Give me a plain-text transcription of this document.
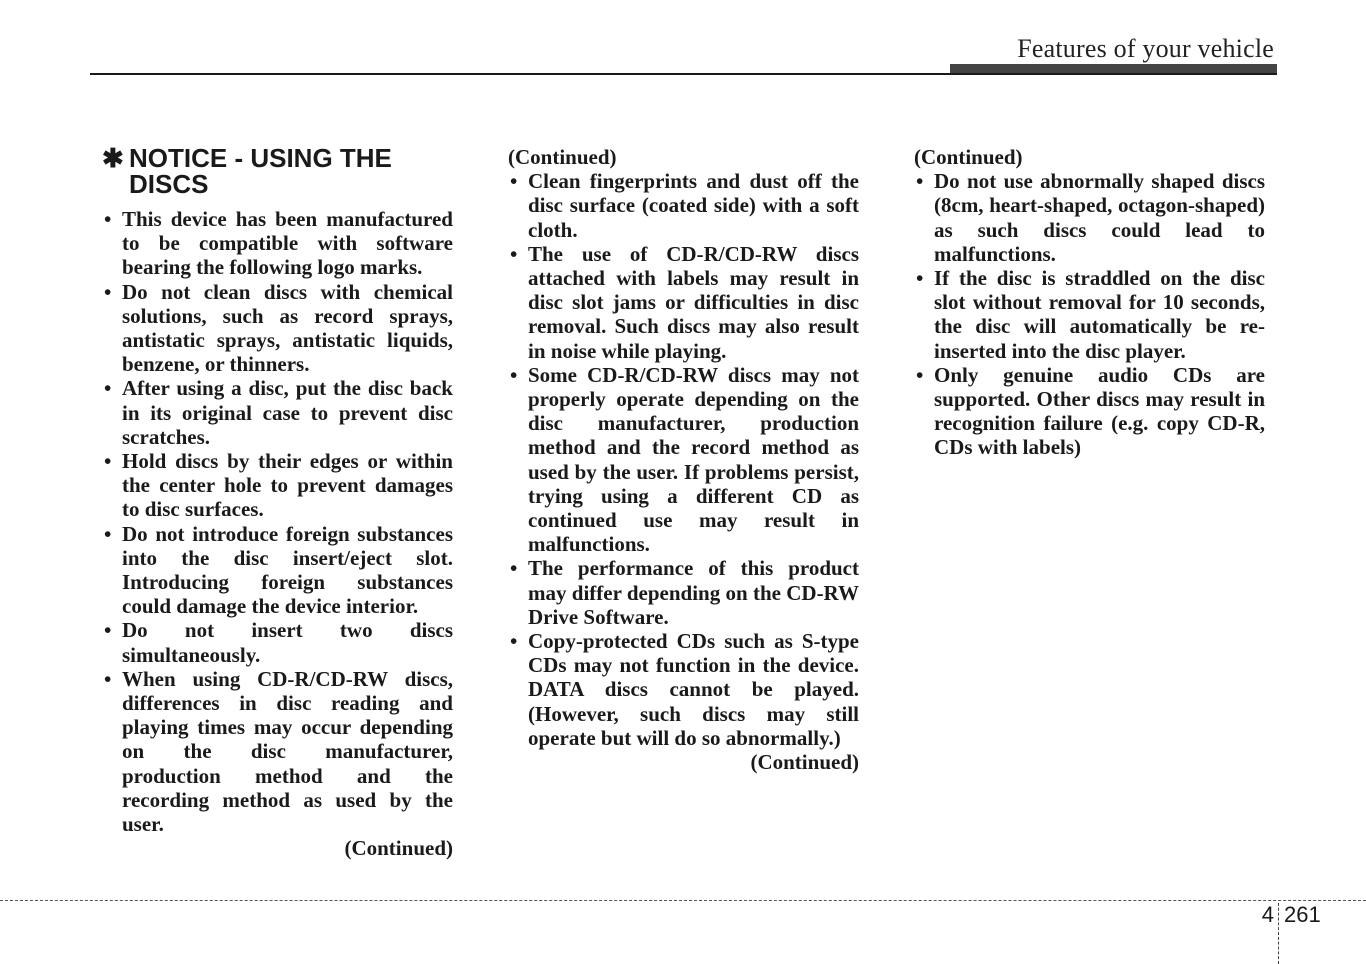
Features of your vehicle
✱ NOTICE - USING THE DISCS
• This device has been manufactured to be compatible with software bearing the following logo marks.
• Do not clean discs with chemical solutions, such as record sprays, antistatic sprays, antistatic liquids, benzene, or thinners.
• After using a disc, put the disc back in its original case to prevent disc scratches.
• Hold discs by their edges or within the center hole to prevent damages to disc surfaces.
• Do not introduce foreign substances into the disc insert/eject slot. Introducing foreign substances could damage the device interior.
• Do not insert two discs simultaneously.
• When using CD-R/CD-RW discs, differences in disc reading and playing times may occur depending on the disc manufacturer, production method and the recording method as used by the user.

(Continued)

(Continued)

• Clean fingerprints and dust off the disc surface (coated side) with a soft cloth.
• The use of CD-R/CD-RW discs attached with labels may result in disc slot jams or difficulties in disc removal. Such discs may also result in noise while playing.
• Some CD-R/CD-RW discs may not properly operate depending on the disc manufacturer, production method and the record method as used by the user. If problems persist, trying using a different CD as continued use may result in malfunctions.
• The performance of this product may differ depending on the CD-RW Drive Software.
• Copy-protected CDs such as S-type CDs may not function in the device. DATA discs cannot be played. (However, such discs may still operate but will do so abnormally.)

(Continued)

(Continued)

• Do not use abnormally shaped discs (8cm, heart-shaped, octagon-shaped) as such discs could lead to malfunctions.
• If the disc is straddled on the disc slot without removal for 10 seconds, the disc will automatically be re-inserted into the disc player.
• Only genuine audio CDs are supported. Other discs may result in recognition failure (e.g. copy CD-R, CDs with labels)
4 261
